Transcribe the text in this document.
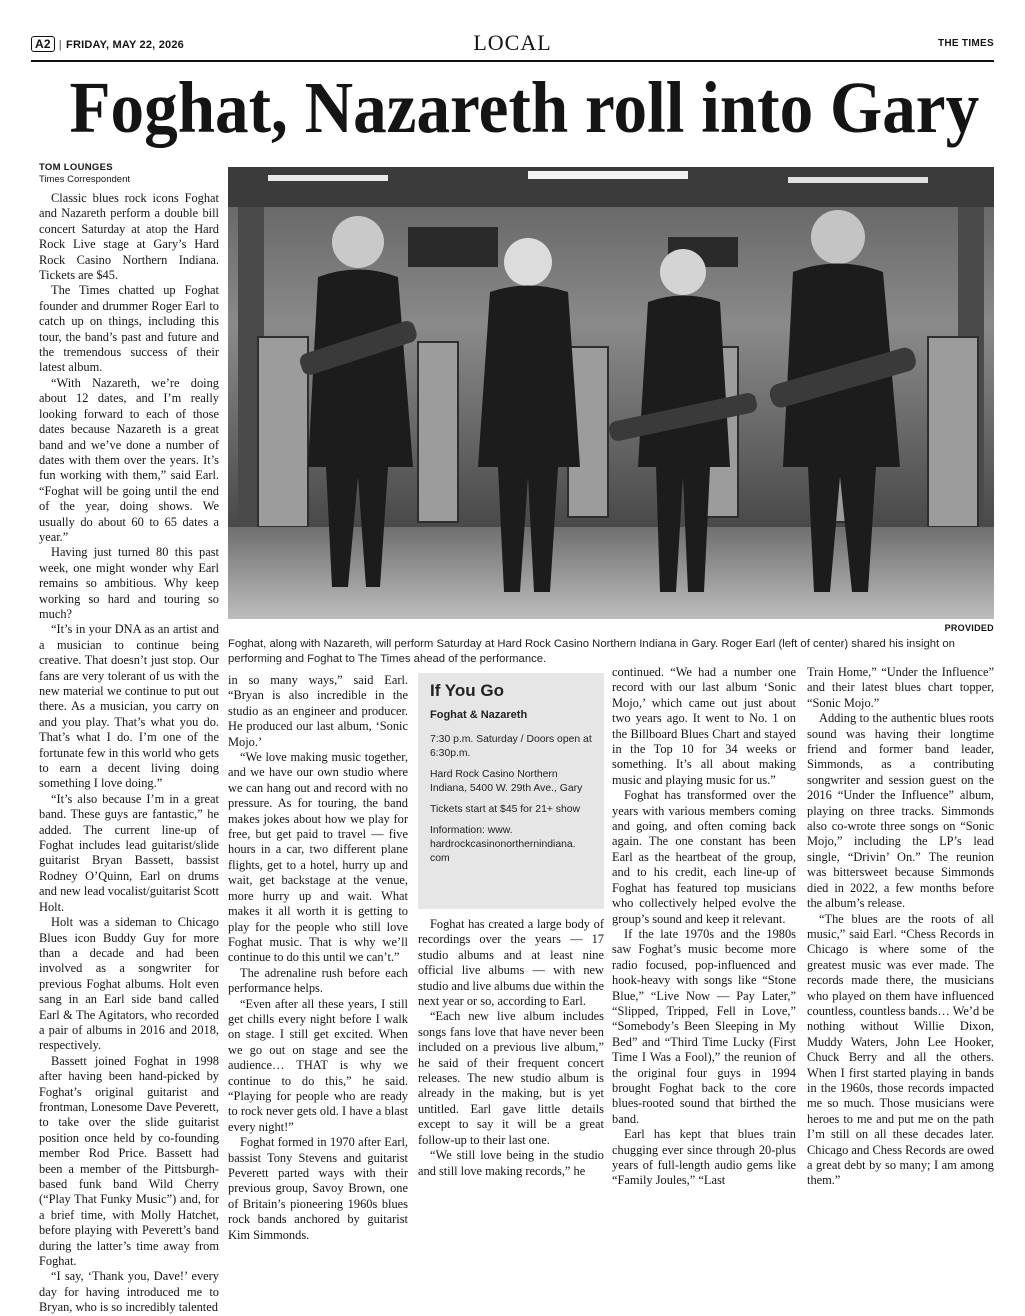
A2 | FRIDAY, MAY 22, 2026	LOCAL	THE TIMES
Foghat, Nazareth roll into Gary
TOM LOUNGES
Times Correspondent

Classic blues rock icons Foghat and Nazareth perform a double bill concert Saturday at atop the Hard Rock Live stage at Gary’s Hard Rock Casino Northern Indiana. Tickets are $45.

The Times chatted up Foghat founder and drummer Roger Earl to catch up on things, including this tour, the band’s past and future and the tremendous success of their latest album.

“With Nazareth, we’re doing about 12 dates, and I’m really looking forward to each of those dates because Nazareth is a great band and we’ve done a number of dates with them over the years. It’s fun working with them,” said Earl. “Foghat will be going until the end of the year, doing shows. We usually do about 60 to 65 dates a year.”

Having just turned 80 this past week, one might wonder why Earl remains so ambitious. Why keep working so hard and touring so much?

“It’s in your DNA as an artist and a musician to continue being creative. That doesn’t just stop. Our fans are very tolerant of us with the new material we continue to put out there. As a musician, you carry on and you play. That’s what you do. That’s what I do. I’m one of the fortunate few in this world who gets to earn a decent living doing something I love doing.”

“It’s also because I’m in a great band. These guys are fantastic,” he added. The current line-up of Foghat includes lead guitarist/slide guitarist Bryan Bassett, bassist Rodney O’Quinn, Earl on drums and new lead vocalist/guitarist Scott Holt.

Holt was a sideman to Chicago Blues icon Buddy Guy for more than a decade and had been involved as a songwriter for previous Foghat albums. Holt even sang in an Earl side band called Earl & The Agitators, who recorded a pair of albums in 2016 and 2018, respectively.

Bassett joined Foghat in 1998 after having been hand-picked by Foghat’s original guitarist and frontman, Lonesome Dave Peverett, to take over the slide guitarist position once held by co-founding member Rod Price. Bassett had been a member of the Pittsburgh-based funk band Wild Cherry (“Play That Funky Music”) and, for a brief time, with Molly Hatchet, before playing with Peverett’s band during the latter’s time away from Foghat.

“I say, ‘Thank you, Dave!’ every day for having introduced me to Bryan, who is so incredibly talented

PROVIDED
Foghat, along with Nazareth, will perform Saturday at Hard Rock Casino Northern Indiana in Gary. Roger Earl (left of center) shared his insight on performing and Foghat to The Times ahead of the performance.

in so many ways,” said Earl. “Bryan is also incredible in the studio as an engineer and producer. He produced our last album, ‘Sonic Mojo.’

“We love making music together, and we have our own studio where we can hang out and record with no pressure. As for touring, the band makes jokes about how we play for free, but get paid to travel — five hours in a car, two different plane flights, get to a hotel, hurry up and wait, get backstage at the venue, more hurry up and wait. What makes it all worth it is getting to play for the people who still love Foghat music. That is why we’ll continue to do this until we can’t.”

The adrenaline rush before each performance helps.

“Even after all these years, I still get chills every night before I walk on stage. I still get excited. When we go out on stage and see the audience… THAT is why we continue to do this,” he said. “Playing for people who are ready to rock never gets old. I have a blast every night!”

Foghat formed in 1970 after Earl, bassist Tony Stevens and guitarist Peverett parted ways with their previous group, Savoy Brown, one of Britain’s pioneering 1960s blues rock bands anchored by guitarist Kim Simmonds.

If You Go
Foghat & Nazareth

7:30 p.m. Saturday / Doors open at 6:30p.m.

Hard Rock Casino Northern Indiana, 5400 W. 29th Ave., Gary

Tickets start at $45 for 21+ show

Information: www. hardrockcasinonorthernindiana. com

Foghat has created a large body of recordings over the years — 17 studio albums and at least nine official live albums — with new studio and live albums due within the next year or so, according to Earl.

“Each new live album includes songs fans love that have never been included on a previous live album,” he said of their frequent concert releases. The new studio album is already in the making, but is yet untitled. Earl gave little details except to say it will be a great follow-up to their last one.

“We still love being in the studio and still love making records,” he

continued. “We had a number one record with our last album ‘Sonic Mojo,’ which came out just about two years ago. It went to No. 1 on the Billboard Blues Chart and stayed in the Top 10 for 34 weeks or something. It’s all about making music and playing music for us.”

Foghat has transformed over the years with various members coming and going, and often coming back again. The one constant has been Earl as the heartbeat of the group, and to his credit, each line-up of Foghat has featured top musicians who collectively helped evolve the group’s sound and keep it relevant.

If the late 1970s and the 1980s saw Foghat’s music become more radio focused, pop-influenced and hook-heavy with songs like “Stone Blue,” “Live Now — Pay Later,” “Slipped, Tripped, Fell in Love,” “Somebody’s Been Sleeping in My Bed” and “Third Time Lucky (First Time I Was a Fool),” the reunion of the original four guys in 1994 brought Foghat back to the core blues-rooted sound that birthed the band.

Earl has kept that blues train chugging ever since through 20-plus years of full-length audio gems like “Family Joules,” “Last

Train Home,” “Under the Influence” and their latest blues chart topper, “Sonic Mojo.”

Adding to the authentic blues roots sound was having their longtime friend and former band leader, Simmonds, as a contributing songwriter and session guest on the 2016 “Under the Influence” album, playing on three tracks. Simmonds also co-wrote three songs on “Sonic Mojo,” including the LP’s lead single, “Drivin’ On.” The reunion was bittersweet because Simmonds died in 2022, a few months before the album’s release.

“The blues are the roots of all music,” said Earl. “Chess Records in Chicago is where some of the greatest music was ever made. The records made there, the musicians who played on them have influenced countless, countless bands… We’d be nothing without Willie Dixon, Muddy Waters, John Lee Hooker, Chuck Berry and all the others. When I first started playing in bands in the 1960s, those records impacted me so much. Those musicians were heroes to me and put me on the path I’m still on all these decades later. Chicago and Chess Records are owed a great debt by so many; I am among them.”
